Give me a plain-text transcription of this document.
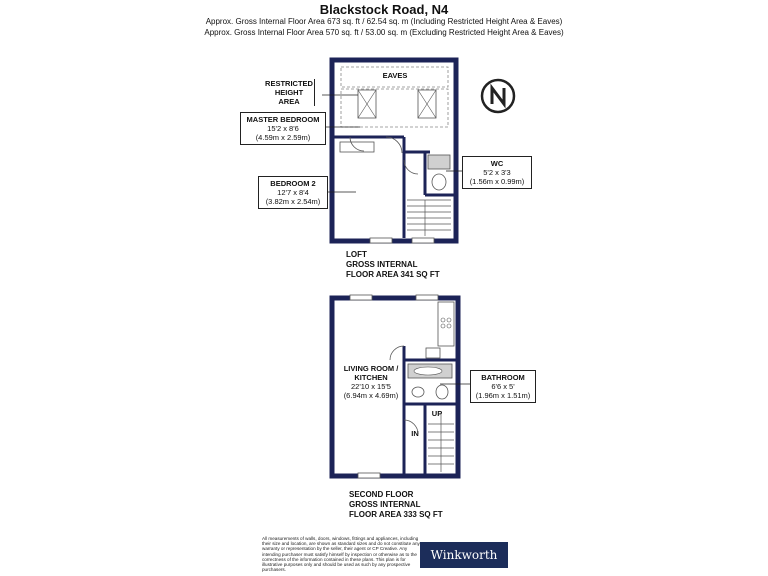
Blackstock Road, N4
Approx. Gross Internal Floor Area 673 sq. ft / 62.54 sq. m (Including Restricted Height Area & Eaves)
Approx. Gross Internal Floor Area 570 sq. ft / 53.00 sq. m (Excluding Restricted Height Area & Eaves)
EAVES
RESTRICTED
HEIGHT
AREA
MASTER BEDROOM
15'2 x 8'6
(4.59m x 2.59m)
BEDROOM 2
12'7 x 8'4
(3.82m x 2.54m)
WC
5'2 x 3'3
(1.56m x 0.99m)
LOFT
GROSS INTERNAL
FLOOR AREA 341 SQ FT
LIVING ROOM /
KITCHEN
22'10 x 15'5
(6.94m x 4.69m)
BATHROOM
6'6 x 5'
(1.96m x 1.51m)
UP
IN
SECOND FLOOR
GROSS INTERNAL
FLOOR AREA 333 SQ FT
All measurements of walls, doors, windows, fittings and appliances, including their size and location, are shown as standard sizes and do not constitute any warranty or representation by the seller, their agent or CP Creative. Any intending purchaser must satisfy himself by inspection or otherwise as to the correctness of the information contained in these plans. This plan is for illustrative purposes only and should be used as such by any prospective purchasers.
Winkworth
